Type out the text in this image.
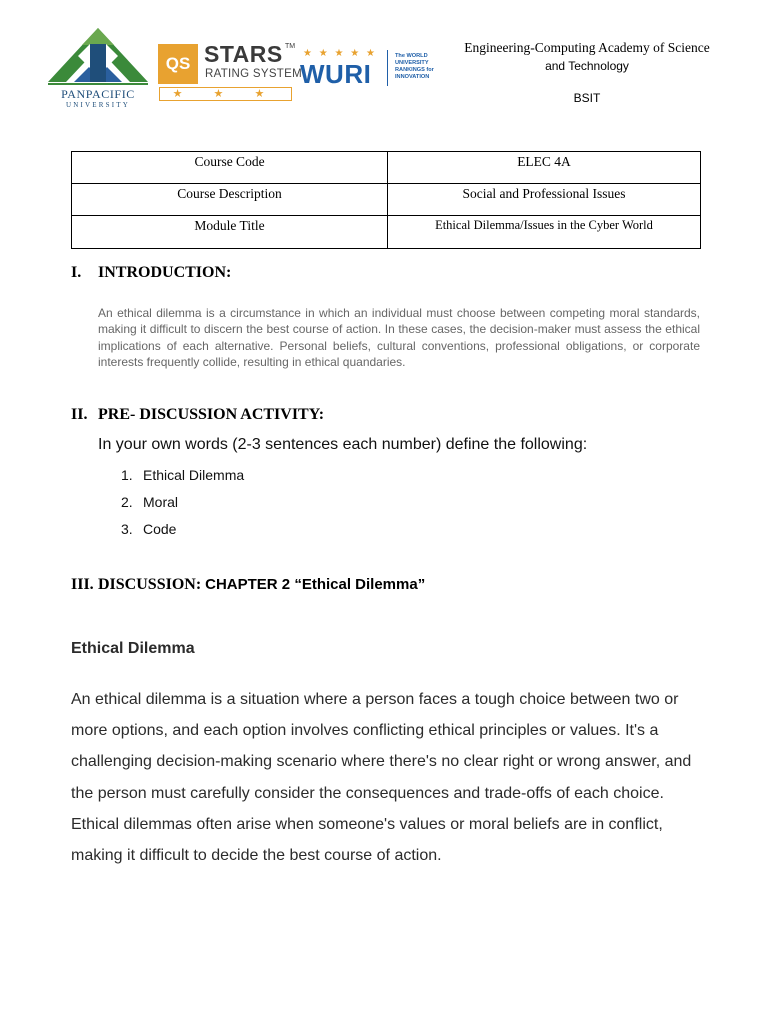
PANPACIFIC
UNIVERSITY
QS STARS TM
RATING SYSTEM
★ ★ ★
★ ★ ★ ★ ★
WURI
The WORLD UNIVERSITY RANKINGS for INNOVATION
Engineering-Computing Academy of Science
and Technology
BSIT
Course Code	ELEC 4A
Course Description	Social and Professional Issues
Module Title	Ethical Dilemma/Issues in the Cyber World
I. INTRODUCTION:
An ethical dilemma is a circumstance in which an individual must choose between competing moral standards, making it difficult to discern the best course of action. In these cases, the decision-maker must assess the ethical implications of each alternative. Personal beliefs, cultural conventions, professional obligations, or corporate interests frequently collide, resulting in ethical quandaries.
II. PRE- DISCUSSION ACTIVITY:
In your own words (2-3 sentences each number) define the following:
1. Ethical Dilemma
2. Moral
3. Code
III. DISCUSSION: CHAPTER 2 “Ethical Dilemma”
Ethical Dilemma
An ethical dilemma is a situation where a person faces a tough choice between two or more options, and each option involves conflicting ethical principles or values. It's a challenging decision-making scenario where there's no clear right or wrong answer, and the person must carefully consider the consequences and trade-offs of each choice. Ethical dilemmas often arise when someone's values or moral beliefs are in conflict, making it difficult to decide the best course of action.
